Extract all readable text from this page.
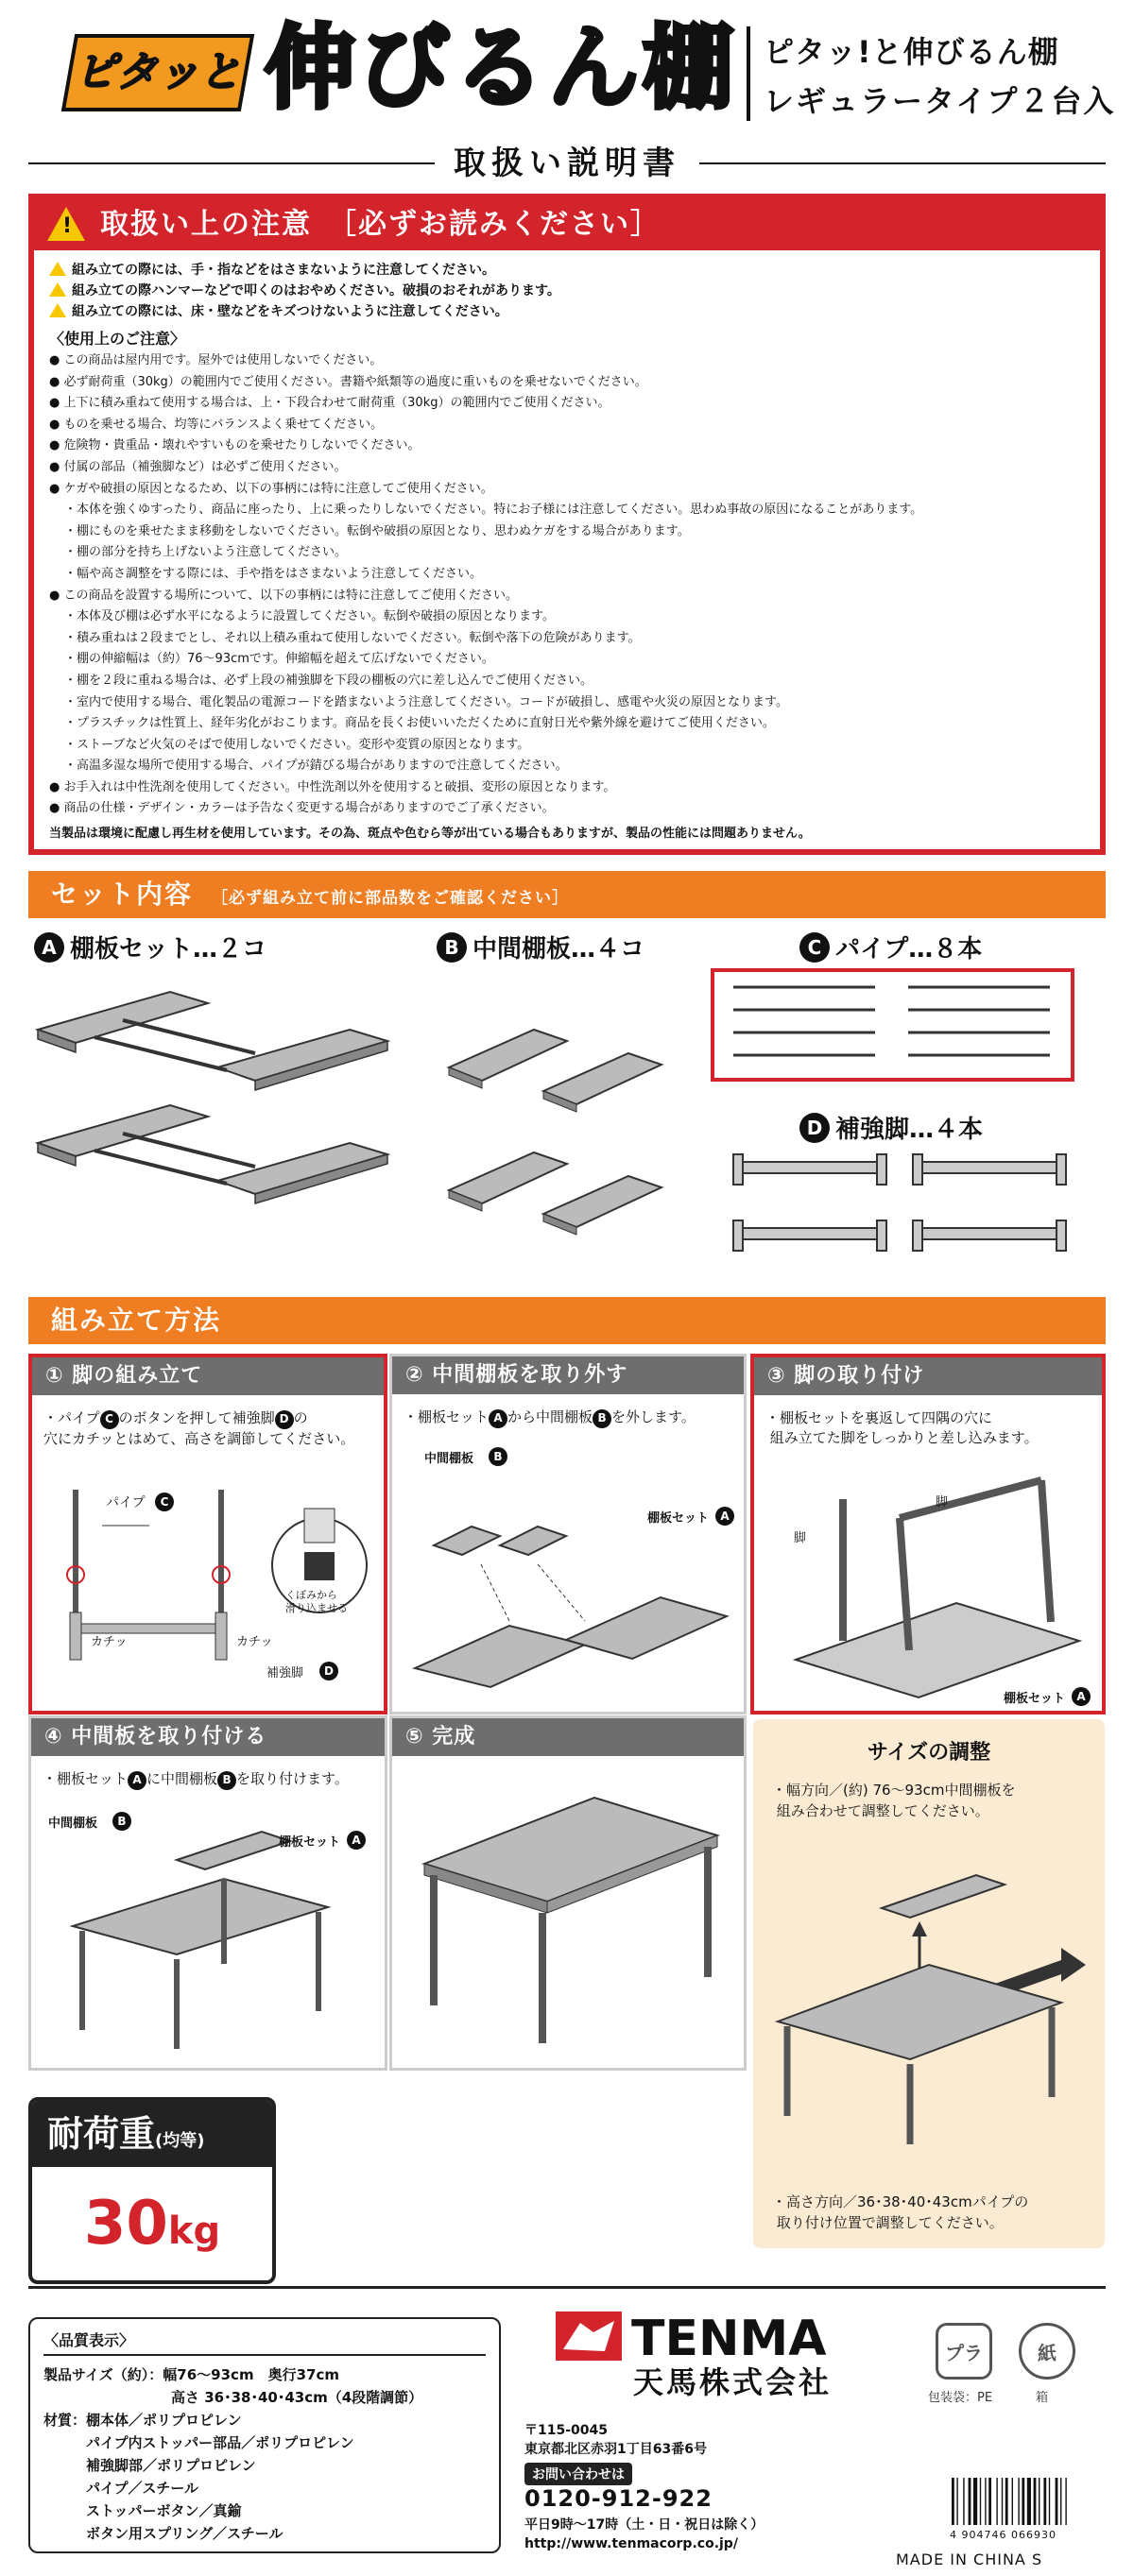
ピタッと 伸びるん棚 ピタッ!と伸びるん棚
レギュラータイプ２台入
取扱い説明書
! 取扱い上の注意　［必ずお読みください］
組み立ての際には、手・指などをはさまないように注意してください。
組み立ての際ハンマーなどで叩くのはおやめください。破損のおそれがあります。
組み立ての際には、床・壁などをキズつけないように注意してください。
〈使用上のご注意〉
● この商品は屋内用です。屋外では使用しないでください。
● 必ず耐荷重（30kg）の範囲内でご使用ください。書籍や紙類等の過度に重いものを乗せないでください。
● 上下に積み重ねて使用する場合は、上・下段合わせて耐荷重（30kg）の範囲内でご使用ください。
● ものを乗せる場合、均等にバランスよく乗せてください。
● 危険物・貴重品・壊れやすいものを乗せたりしないでください。
● 付属の部品（補強脚など）は必ずご使用ください。
● ケガや破損の原因となるため、以下の事柄には特に注意してご使用ください。
・本体を強くゆすったり、商品に座ったり、上に乗ったりしないでください。特にお子様には注意してください。思わぬ事故の原因になることがあります。
・棚にものを乗せたまま移動をしないでください。転倒や破損の原因となり、思わぬケガをする場合があります。
・棚の部分を持ち上げないよう注意してください。
・幅や高さ調整をする際には、手や指をはさまないよう注意してください。
● この商品を設置する場所について、以下の事柄には特に注意してご使用ください。
・本体及び棚は必ず水平になるように設置してください。転倒や破損の原因となります。
・積み重ねは２段までとし、それ以上積み重ねて使用しないでください。転倒や落下の危険があります。
・棚の伸縮幅は（約）76～93cmです。伸縮幅を超えて広げないでください。
・棚を２段に重ねる場合は、必ず上段の補強脚を下段の棚板の穴に差し込んでご使用ください。
・室内で使用する場合、電化製品の電源コードを踏まないよう注意してください。コードが破損し、感電や火災の原因となります。
・プラスチックは性質上、経年劣化がおこります。商品を長くお使いいただくために直射日光や紫外線を避けてご使用ください。
・ストーブなど火気のそばで使用しないでください。変形や変質の原因となります。
・高温多湿な場所で使用する場合、パイプが錆びる場合がありますので注意してください。
● お手入れは中性洗剤を使用してください。中性洗剤以外を使用すると破損、変形の原因となります。
● 商品の仕様・デザイン・カラーは予告なく変更する場合がありますのでご了承ください。
当製品は環境に配慮し再生材を使用しています。その為、斑点や色むら等が出ている場合もありますが、製品の性能には問題ありません。
セット内容 ［必ず組み立て前に部品数をご確認ください］
A 棚板セット…２コ	B 中間棚板…４コ	C パイプ…８本
D 補強脚…４本
組み立て方法
① 脚の組み立て
・パイプ C のボタンを押して補強脚 D の
穴にカチッとはめて、高さを調節してください。
パイプ	C
カチッ	カチッ
補強脚	D
くぼみから
滑り込ませる
② 中間棚板を取り外す
・棚板セット A から中間棚板 B を外します。
中間棚板	B
棚板セット	A
③ 脚の取り付け
・棚板セットを裏返して四隅の穴に
組み立てた脚をしっかりと差し込みます。
脚
脚
棚板セット	A
④ 中間板を取り付ける
・棚板セット A に中間棚板 B を取り付けます。
中間棚板	B
棚板セット	A
⑤ 完成
サイズの調整
・幅方向／(約) 76～93cm中間棚板を
組み合わせて調整してください。
・高さ方向／36･38･40･43cmパイプの
取り付け位置で調整してください。
耐荷重(均等)
30kg
〈品質表示〉
製品サイズ（約）：幅76～93cm　奥行37cm
　　　　　　　　　高さ 36･38･40･43cm（4段階調節）
材質：棚本体／ポリプロピレン
　　　パイプ内ストッパー部品／ポリプロピレン
　　　補強脚部／ポリプロピレン
　　　パイプ／スチール
　　　ストッパーボタン／真鍮
　　　ボタン用スプリング／スチール
TENMA
天馬株式会社
〒115-0045
東京都北区赤羽1丁目63番6号
お問い合わせは
0120-912-922
平日9時～17時（土・日・祝日は除く）
http://www.tenmacorp.co.jp/
プラ	紙
包装袋：PE	箱
4 904746 066930
MADE IN CHINA S
